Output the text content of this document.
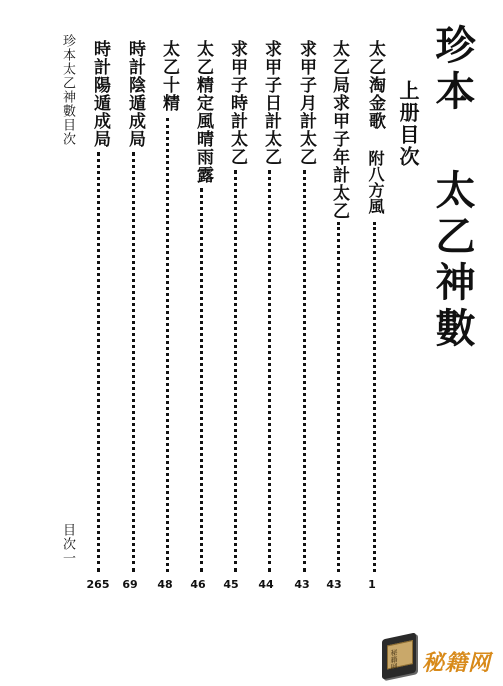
珍本 太乙神數
上册目次
太乙淘金歌
附八方風
1
太乙局求甲子年計太乙
43
求甲子月計太乙
43
求甲子日計太乙
44
求甲子時計太乙
45
太乙精定風晴雨露
46
太乙十精
48
時計陰遁成局
69
時計陽遁成局
265
珍本太乙神數目次
目次一
秘籍网 秘籍网
